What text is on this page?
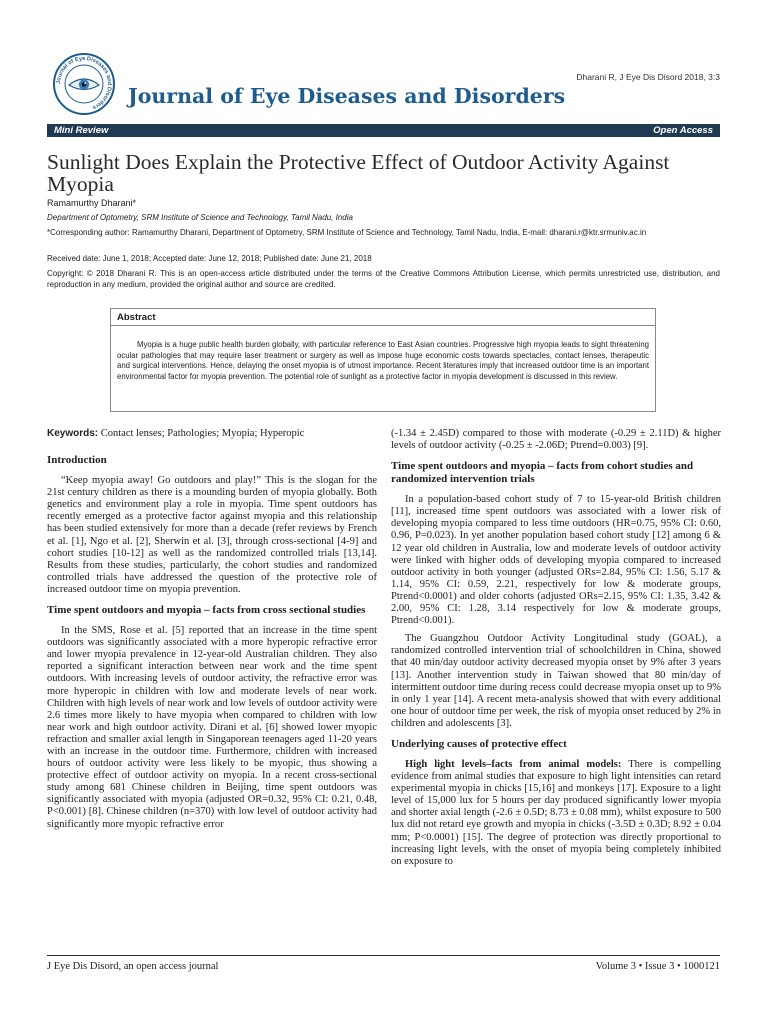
Journal of Eye Diseases and Disorders
Dharani R, J Eye Dis Disord 2018, 3:3
Journal of Eye Diseases and Disorders
Mini Review	Open Access
Sunlight Does Explain the Protective Effect of Outdoor Activity Against Myopia
Ramamurthy Dharani*
Department of Optometry, SRM Institute of Science and Technology, Tamil Nadu, India
*Corresponding author: Ramamurthy Dharani, Department of Optometry, SRM Institute of Science and Technology, Tamil Nadu, India, E-mail: dharani.r@ktr.srmuniv.ac.in
Received date: June 1, 2018; Accepted date: June 12, 2018; Published date: June 21, 2018
Copyright: © 2018 Dharani R. This is an open-access article distributed under the terms of the Creative Commons Attribution License, which permits unrestricted use, distribution, and reproduction in any medium, provided the original author and source are credited.
Abstract
Myopia is a huge public health burden globally, with particular reference to East Asian countries. Progressive high myopia leads to sight threatening ocular pathologies that may require laser treatment or surgery as well as impose huge economic costs towards spectacles, contact lenses, therapeutic and surgical interventions. Hence, delaying the onset myopia is of utmost importance. Recent literatures imply that increased outdoor time is an important environmental factor for myopia prevention. The potential role of sunlight as a protective factor in myopia development is discussed in this review.

Keywords: Contact lenses; Pathologies; Myopia; Hyperopic

Introduction

“Keep myopia away! Go outdoors and play!” This is the slogan for the 21st century children as there is a mounding burden of myopia globally. Both genetics and environment play a role in myopia. Time spent outdoors has recently emerged as a protective factor against myopia and this relationship has been studied extensively for more than a decade (refer reviews by French et al. [1], Ngo et al. [2], Sherwin et al. [3], through cross-sectional [4-9] and cohort studies [10-12] as well as the randomized controlled trials [13,14]. Results from these studies, particularly, the cohort studies and randomized controlled trials have addressed the question of the protective role of increased outdoor time on myopia prevention.

Time spent outdoors and myopia – facts from cross sectional studies

In the SMS, Rose et al. [5] reported that an increase in the time spent outdoors was significantly associated with a more hyperopic refractive error and lower myopia prevalence in 12-year-old Australian children. They also reported a significant interaction between near work and the time spent outdoors. With increasing levels of outdoor activity, the refractive error was more hyperopic in children with low and moderate levels of near work. Children with high levels of near work and low levels of outdoor activity were 2.6 times more likely to have myopia when compared to children with low near work and high outdoor activity. Dirani et al. [6] showed lower myopic refraction and smaller axial length in Singaporean teenagers aged 11-20 years with an increase in the outdoor time. Furthermore, children with increased hours of outdoor activity were less likely to be myopic, thus showing a protective effect of outdoor activity on myopia. In a recent cross-sectional study among 681 Chinese children in Beijing, time spent outdoors was significantly associated with myopia (adjusted OR=0.32, 95% CI: 0.21, 0.48, P<0.001) [8]. Chinese children (n=370) with low level of outdoor activity had significantly more myopic refractive error

(-1.34 ± 2.45D) compared to those with moderate (-0.29 ± 2.11D) & higher levels of outdoor activity (-0.25 ± -2.06D; Ptrend=0.003) [9].

Time spent outdoors and myopia – facts from cohort studies and randomized intervention trials

In a population-based cohort study of 7 to 15-year-old British children [11], increased time spent outdoors was associated with a lower risk of developing myopia compared to less time outdoors (HR=0.75, 95% CI: 0.60, 0.96, P=0.023). In yet another population based cohort study [12] among 6 & 12 year old children in Australia, low and moderate levels of outdoor activity were linked with higher odds of developing myopia compared to increased outdoor activity in both younger (adjusted ORs=2.84, 95% CI: 1.56, 5.17 & 1.14, 95% CI: 0.59, 2.21, respectively for low & moderate groups, Ptrend<0.0001) and older cohorts (adjusted ORs=2.15, 95% CI: 1.35, 3.42 & 2.00, 95% CI: 1.28, 3.14 respectively for low & moderate groups, Ptrend<0.001).

The Guangzhou Outdoor Activity Longitudinal study (GOAL), a randomized controlled intervention trial of schoolchildren in China, showed that 40 min/day outdoor activity decreased myopia onset by 9% after 3 years [13]. Another intervention study in Taiwan showed that 80 min/day of intermittent outdoor time during recess could decrease myopia onset up to 9% in only 1 year [14]. A recent meta-analysis showed that with every additional one hour of outdoor time per week, the risk of myopia onset reduced by 2% in children and adolescents [3].

Underlying causes of protective effect

High light levels–facts from animal models: There is compelling evidence from animal studies that exposure to high light intensities can retard experimental myopia in chicks [15,16] and monkeys [17]. Exposure to a light level of 15,000 lux for 5 hours per day produced significantly lower myopia and shorter axial length (-2.6 ± 0.5D; 8.73 ± 0.08 mm), whilst exposure to 500 lux did not retard eye growth and myopia in chicks (-3.5D ± 0.3D; 8.92 ± 0.04 mm; P<0.0001) [15]. The degree of protection was directly proportional to increasing light levels, with the onset of myopia being completely inhibited on exposure to

J Eye Dis Disord, an open access journal	Volume 3 • Issue 3 • 1000121
